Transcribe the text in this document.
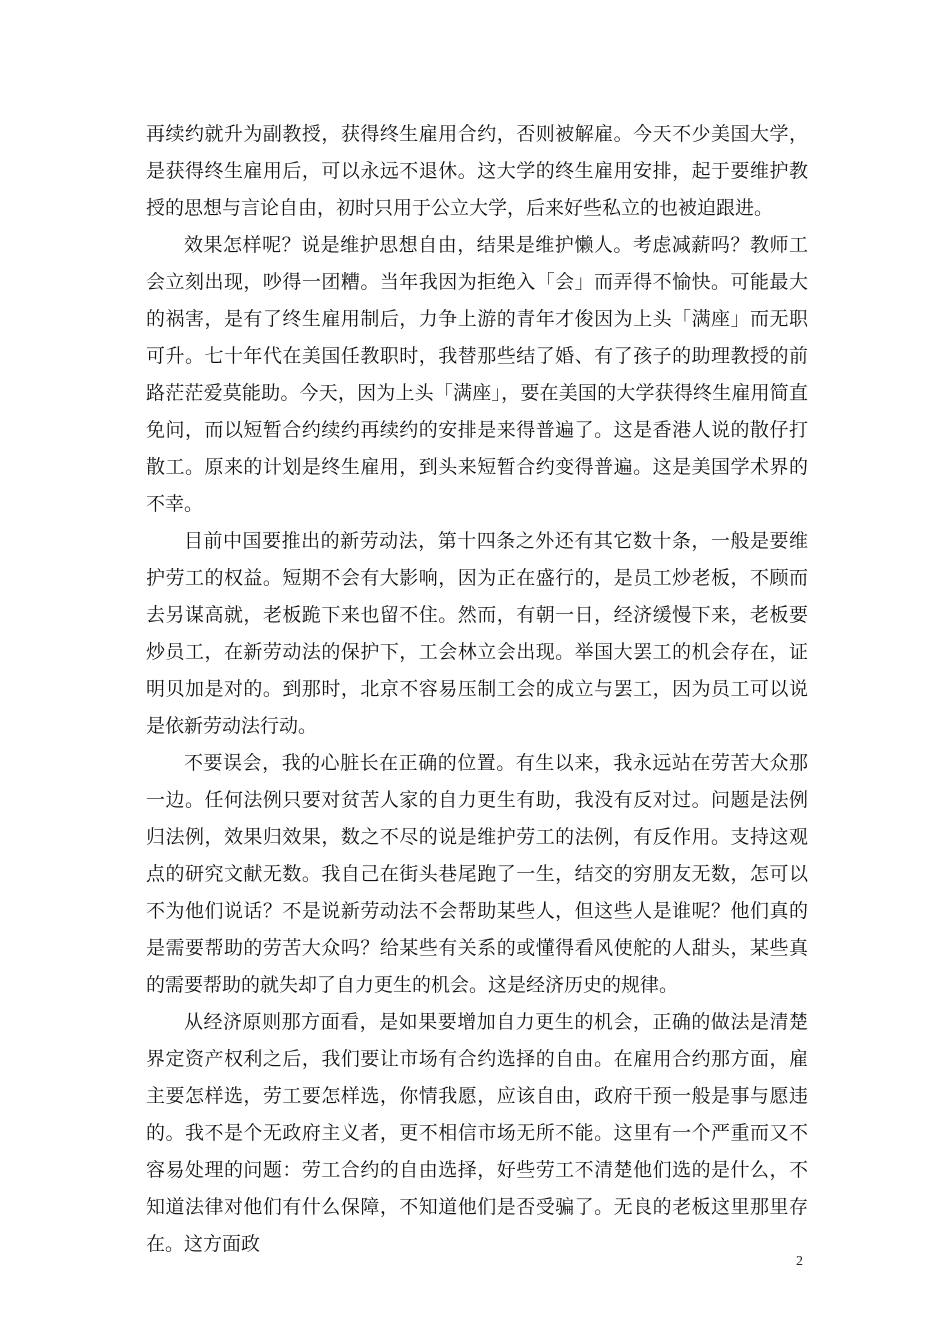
再续约就升为副教授，获得终生雇用合约，否则被解雇。今天不少美国大学，是获得终生雇用后，可以永远不退休。这大学的终生雇用安排，起于要维护教授的思想与言论自由，初时只用于公立大学，后来好些私立的也被迫跟进。

效果怎样呢？说是维护思想自由，结果是维护懒人。考虑减薪吗？教师工会立刻出现，吵得一团糟。当年我因为拒绝入「会」而弄得不愉快。可能最大的祸害，是有了终生雇用制后，力争上游的青年才俊因为上头「满座」而无职可升。七十年代在美国任教职时，我替那些结了婚、有了孩子的助理教授的前路茫茫爱莫能助。今天，因为上头「满座」，要在美国的大学获得终生雇用简直免问，而以短暂合约续约再续约的安排是来得普遍了。这是香港人说的散仔打散工。原来的计划是终生雇用，到头来短暂合约变得普遍。这是美国学术界的不幸。

目前中国要推出的新劳动法，第十四条之外还有其它数十条，一般是要维护劳工的权益。短期不会有大影响，因为正在盛行的，是员工炒老板，不顾而去另谋高就，老板跪下来也留不住。然而，有朝一日，经济缓慢下来，老板要炒员工，在新劳动法的保护下，工会林立会出现。举国大罢工的机会存在，证明贝加是对的。到那时，北京不容易压制工会的成立与罢工，因为员工可以说是依新劳动法行动。

不要误会，我的心脏长在正确的位置。有生以来，我永远站在劳苦大众那一边。任何法例只要对贫苦人家的自力更生有助，我没有反对过。问题是法例归法例，效果归效果，数之不尽的说是维护劳工的法例，有反作用。支持这观点的研究文献无数。我自己在街头巷尾跑了一生，结交的穷朋友无数，怎可以不为他们说话？不是说新劳动法不会帮助某些人，但这些人是谁呢？他们真的是需要帮助的劳苦大众吗？给某些有关系的或懂得看风使舵的人甜头，某些真的需要帮助的就失却了自力更生的机会。这是经济历史的规律。

从经济原则那方面看，是如果要增加自力更生的机会，正确的做法是清楚界定资产权利之后，我们要让市场有合约选择的自由。在雇用合约那方面，雇主要怎样选，劳工要怎样选，你情我愿，应该自由，政府干预一般是事与愿违的。我不是个无政府主义者，更不相信市场无所不能。这里有一个严重而又不容易处理的问题：劳工合约的自由选择，好些劳工不清楚他们选的是什么，不知道法律对他们有什么保障，不知道他们是否受骗了。无良的老板这里那里存在。这方面政

2
